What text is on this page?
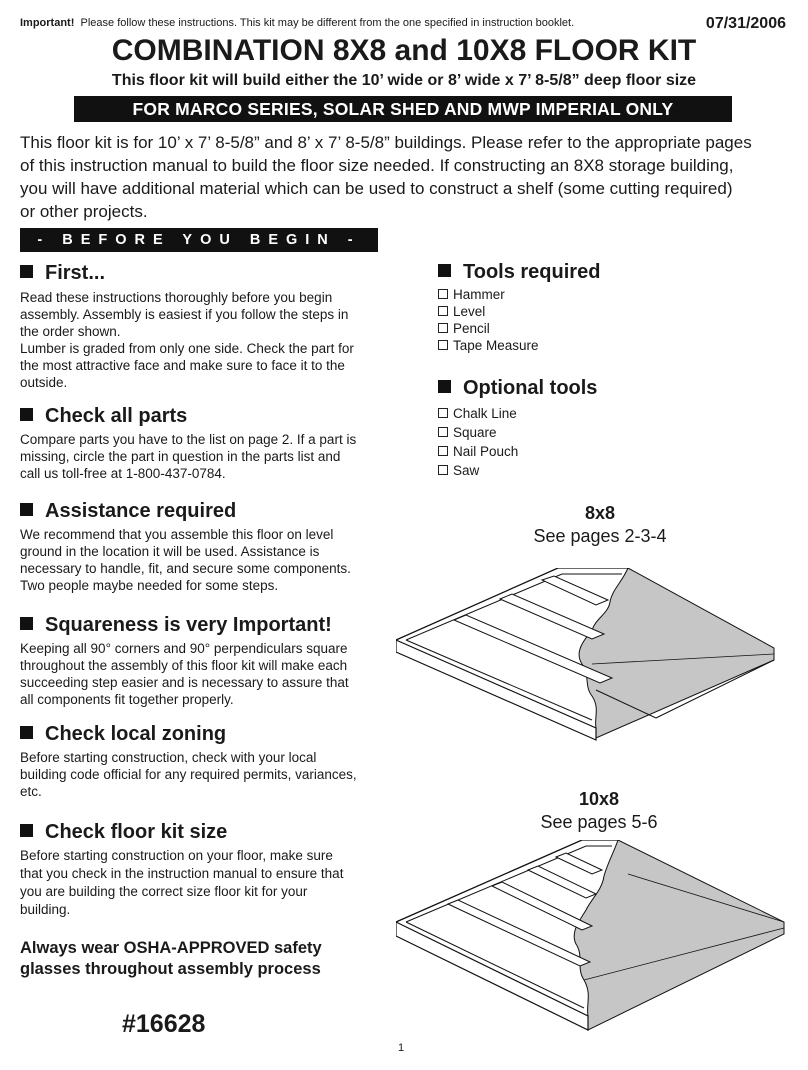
Important! Please follow these instructions. This kit may be different from the one specified in instruction booklet.	07/31/2006
COMBINATION 8X8 and 10X8 FLOOR KIT
This floor kit will build either the 10’ wide or 8’ wide x 7’ 8-5/8” deep floor size
FOR MARCO SERIES, SOLAR SHED AND MWP IMPERIAL ONLY

This floor kit is for 10’ x 7’ 8-5/8” and 8’ x 7’ 8-5/8” buildings. Please refer to the appropriate pages

of this instruction manual to build the floor size needed. If constructing an 8X8 storage building,

you will have additional material which can be used to construct a shelf (some cutting required)

or other projects.

- BEFORE YOU BEGIN -
First...

Read these instructions thoroughly before you begin

assembly. Assembly is easiest if you follow the steps in

the order shown.

Lumber is graded from only one side. Check the part for

the most attractive face and make sure to face it to the

outside.

Check all parts

Compare parts you have to the list on page 2. If a part is

missing, circle the part in question in the parts list and

call us toll-free at 1-800-437-0784.

Assistance required

We recommend that you assemble this floor on level

ground in the location it will be used. Assistance is

necessary to handle, fit, and secure some components.

Two people maybe needed for some steps.

Squareness is very Important!

Keeping all 90° corners and 90° perpendiculars square

throughout the assembly of this floor kit will make each

succeeding step easier and is necessary to assure that

all components fit together properly.

Check local zoning

Before starting construction, check with your local

building code official for any required permits, variances,

etc.

Check floor kit size

Before starting construction on your floor, make sure

that you check in the instruction manual to ensure that

you are building the correct size floor kit for your

building.

Always wear OSHA-APPROVED safety
glasses throughout assembly process
#16628
1
Tools required
Hammer
Level
Pencil
Tape Measure
Optional tools
Chalk Line
Square
Nail Pouch
Saw
8x8
See pages 2-3-4
10x8
See pages 5-6
